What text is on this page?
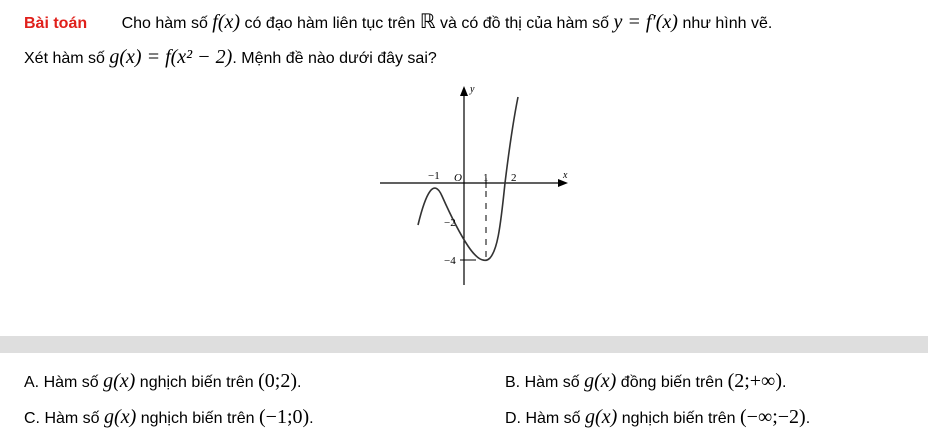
Bài toán Cho hàm số f(x) có đạo hàm liên tục trên ℝ và có đồ thị của hàm số y = f′(x) như hình vẽ.
Xét hàm số g(x) = f(x² − 2). Mệnh đề nào dưới đây sai?
y
x
O
−1	1 2
−2
−4
A. Hàm số g(x) nghịch biến trên (0;2).	B. Hàm số g(x) đồng biến trên (2;+∞).
C. Hàm số g(x) nghịch biến trên (−1;0).	D. Hàm số g(x) nghịch biến trên (−∞;−2).
